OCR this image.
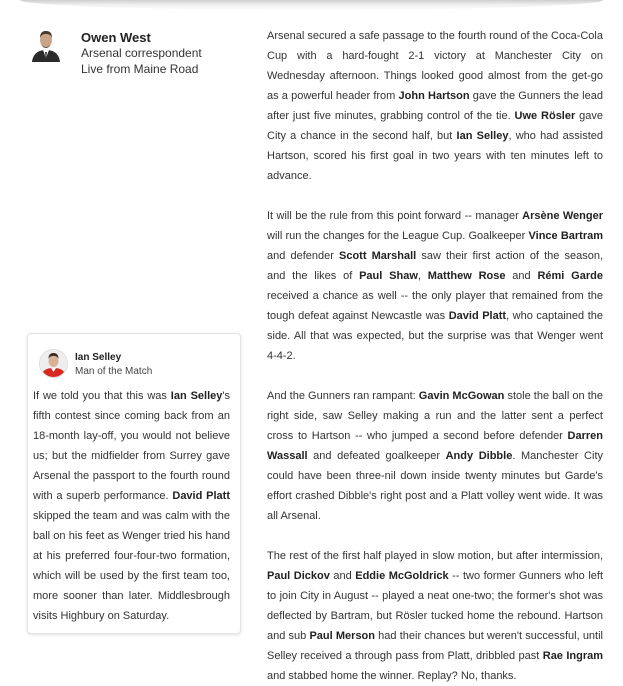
Owen West
Arsenal correspondent
Live from Maine Road

Arsenal secured a safe passage to the fourth round of the Coca-Cola Cup with a hard-fought 2-1 victory at Manchester City on Wednesday afternoon. Things looked good almost from the get-go as a powerful header from John Hartson gave the Gunners the lead after just five minutes, grabbing control of the tie. Uwe Rösler gave City a chance in the second half, but Ian Selley, who had assisted Hartson, scored his first goal in two years with ten minutes left to advance.

It will be the rule from this point forward -- manager Arsène Wenger will run the changes for the League Cup. Goalkeeper Vince Bartram and defender Scott Marshall saw their first action of the season, and the likes of Paul Shaw, Matthew Rose and Rémi Garde received a chance as well -- the only player that remained from the tough defeat against Newcastle was David Platt, who captained the side. All that was expected, but the surprise was that Wenger went 4-4-2.

And the Gunners ran rampant: Gavin McGowan stole the ball on the right side, saw Selley making a run and the latter sent a perfect cross to Hartson -- who jumped a second before defender Darren Wassall and defeated goalkeeper Andy Dibble. Manchester City could have been three-nil down inside twenty minutes but Garde's effort crashed Dibble's right post and a Platt volley went wide. It was all Arsenal.

The rest of the first half played in slow motion, but after intermission, Paul Dickov and Eddie McGoldrick -- two former Gunners who left to join City in August -- played a neat one-two; the former's shot was deflected by Bartram, but Rösler tucked home the rebound. Hartson and sub Paul Merson had their chances but weren't successful, until Selley received a through pass from Platt, dribbled past Rae Ingram and stabbed home the winner. Replay? No, thanks.

Ian Selley
Man of the Match
If we told you that this was Ian Selley's fifth contest since coming back from an 18-month lay-off, you would not believe us; but the midfielder from Surrey gave Arsenal the passport to the fourth round with a superb performance. David Platt skipped the team and was calm with the ball on his feet as Wenger tried his hand at his preferred four-four-two formation, which will be used by the first team too, more sooner than later. Middlesbrough visits Highbury on Saturday.
